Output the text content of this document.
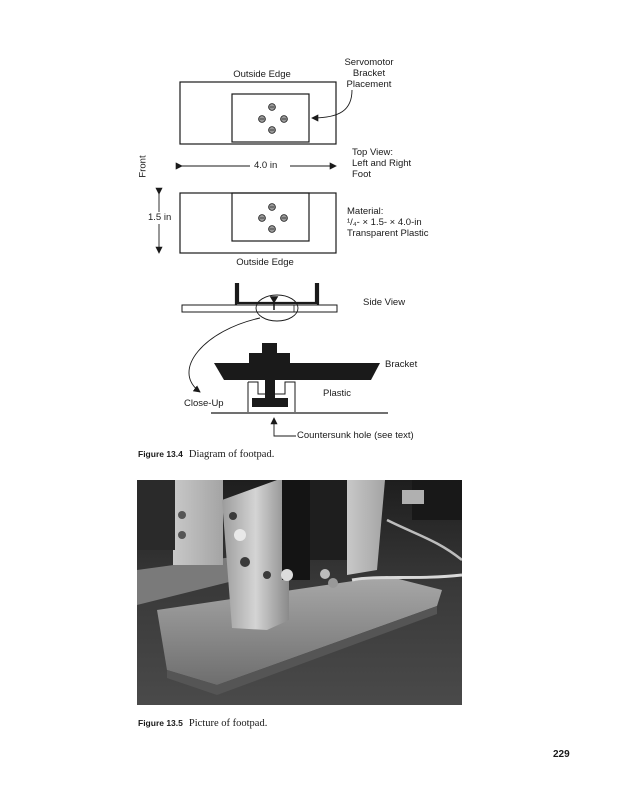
Outside Edge
Servomotor
Bracket
Placement
Front	4.0 in
Top View:
Left and Right
Foot
1.5 in
Material:
¹/₄- × 1.5- × 4.0-in
Transparent Plastic
Outside Edge
Side View
Bracket
Plastic
Close-Up
Countersunk hole (see text)
Figure 13.4 Diagram of footpad.
Figure 13.5 Picture of footpad.
229
